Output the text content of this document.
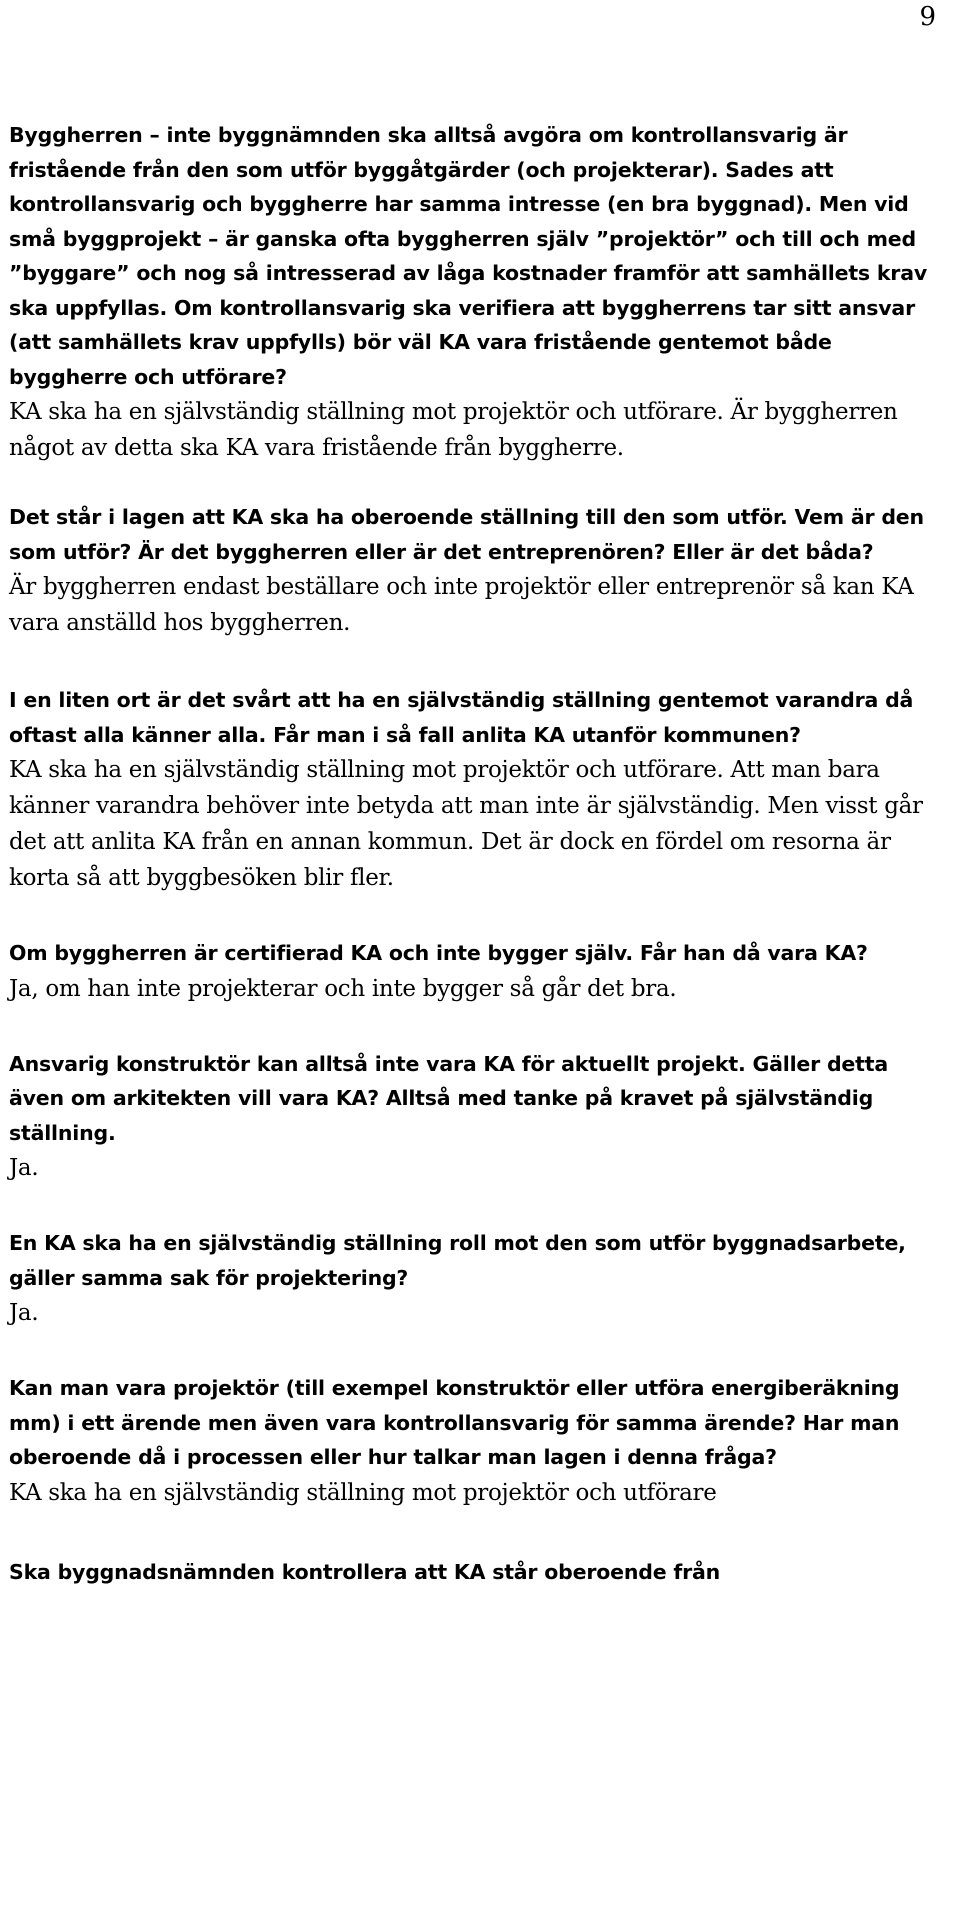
9

Byggherren – inte byggnämnden ska alltså avgöra om kontrollansvarig är fristående från den som utför byggåtgärder (och projekterar). Sades att kontrollansvarig och byggherre har samma intresse (en bra byggnad). Men vid små byggprojekt – är ganska ofta byggherren själv ”projektör” och till och med ”byggare” och nog så intresserad av låga kostnader framför att samhällets krav ska uppfyllas. Om kontrollansvarig ska verifiera att byggherrens tar sitt ansvar (att samhällets krav uppfylls) bör väl KA vara fristående gentemot både byggherre och utförare?

KA ska ha en självständig ställning mot projektör och utförare. Är byggherren något av detta ska KA vara fristående från byggherre.

Det står i lagen att KA ska ha oberoende ställning till den som utför. Vem är den som utför? Är det byggherren eller är det entreprenören? Eller är det båda?

Är byggherren endast beställare och inte projektör eller entreprenör så kan KA vara anställd hos byggherren.

I en liten ort är det svårt att ha en självständig ställning gentemot varandra då oftast alla känner alla. Får man i så fall anlita KA utanför kommunen?

KA ska ha en självständig ställning mot projektör och utförare. Att man bara känner varandra behöver inte betyda att man inte är självständig. Men visst går det att anlita KA från en annan kommun. Det är dock en fördel om resorna är korta så att byggbesöken blir fler.

Om byggherren är certifierad KA och inte bygger själv. Får han då vara KA?

Ja, om han inte projekterar och inte bygger så går det bra.

Ansvarig konstruktör kan alltså inte vara KA för aktuellt projekt. Gäller detta även om arkitekten vill vara KA? Alltså med tanke på kravet på självständig ställning.

Ja.

En KA ska ha en självständig ställning roll mot den som utför byggnadsarbete, gäller samma sak för projektering?

Ja.

Kan man vara projektör (till exempel konstruktör eller utföra energiberäkning mm) i ett ärende men även vara kontrollansvarig för samma ärende? Har man oberoende då i processen eller hur talkar man lagen i denna fråga?

KA ska ha en självständig ställning mot projektör och utförare

Ska byggnadsnämnden kontrollera att KA står oberoende från
